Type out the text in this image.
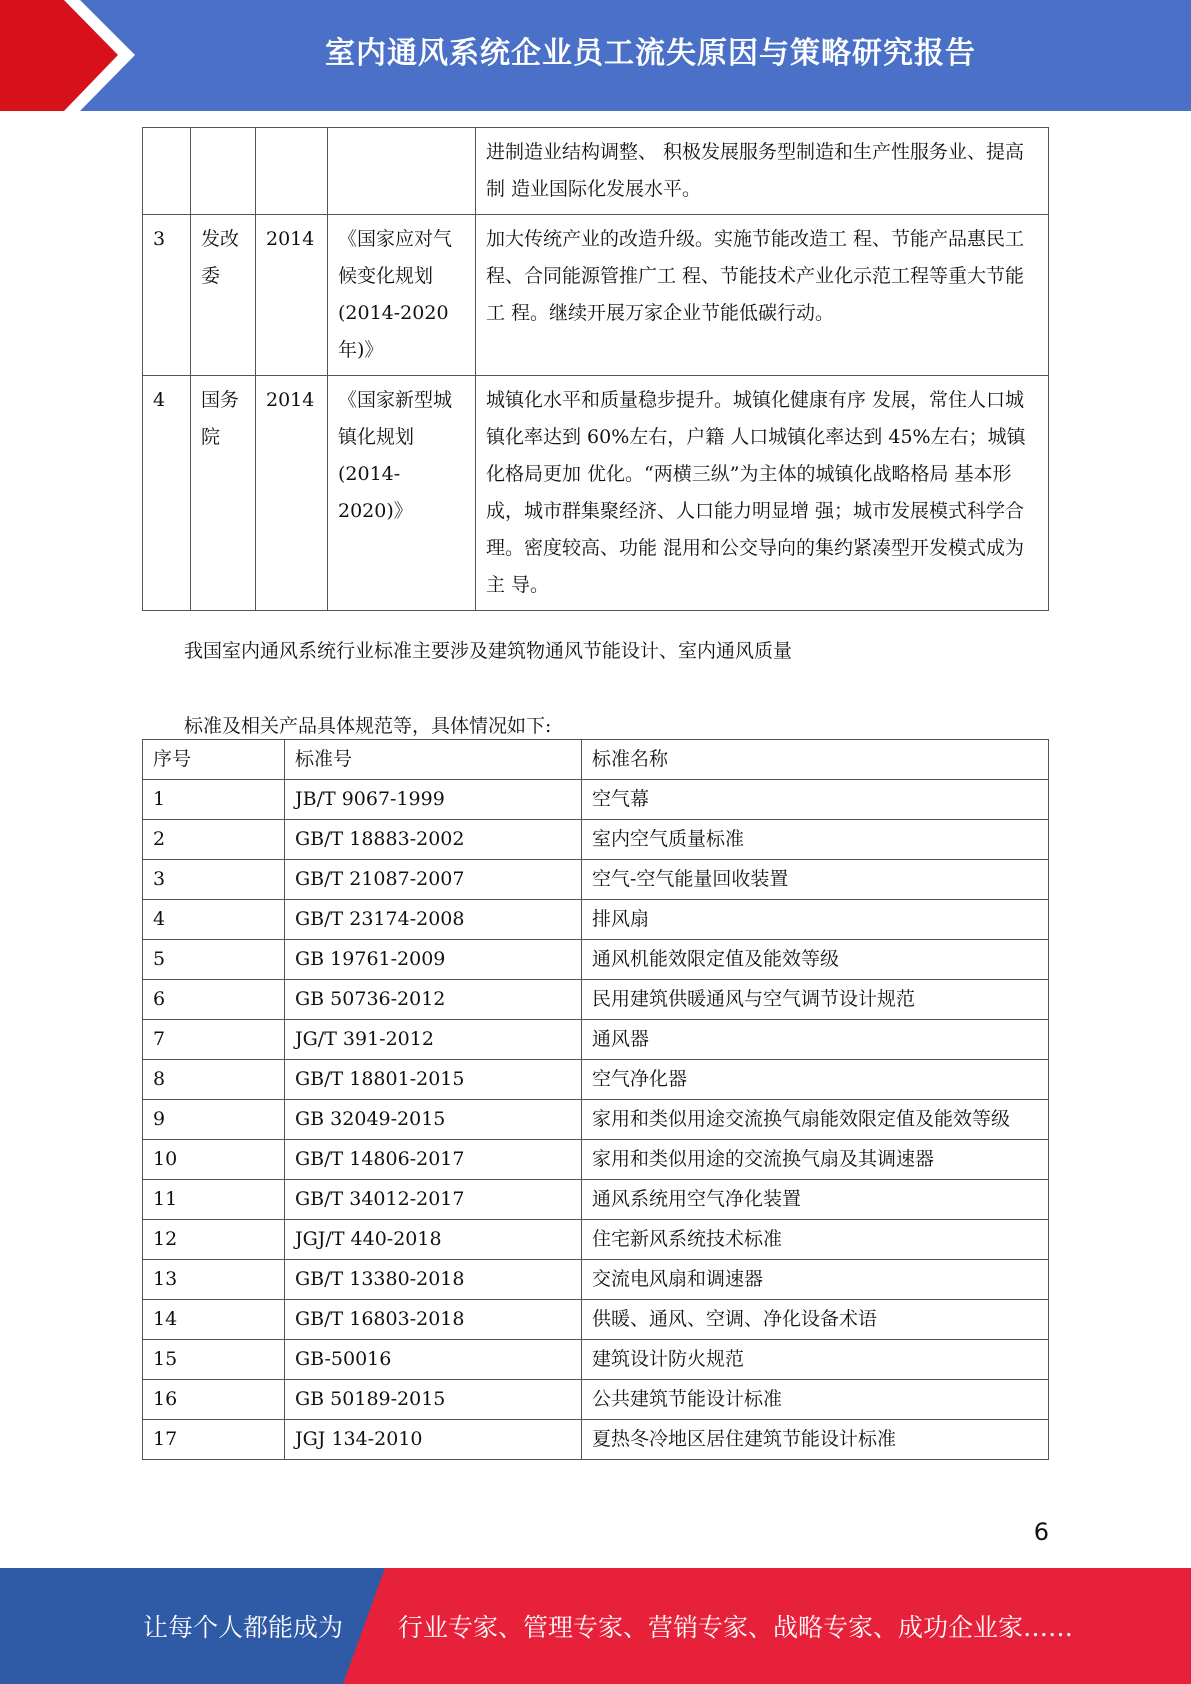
室内通风系统企业员工流失原因与策略研究报告
				进制造业结构调整、 积极发展服务型制造和生产性服务业、提高制 造业国际化发展水平。
3	发改委	2014	《国家应对气候变化规划(2014-2020年)》	加大传统产业的改造升级。实施节能改造工 程、节能产品惠民工程、合同能源管推广工 程、节能技术产业化示范工程等重大节能工 程。继续开展万家企业节能低碳行动。
4	国务院	2014	《国家新型城镇化规划(2014-2020)》	城镇化水平和质量稳步提升。城镇化健康有序 发展，常住人口城镇化率达到 60%左右，户籍 人口城镇化率达到 45%左右；城镇化格局更加 优化。“两横三纵”为主体的城镇化战略格局 基本形成，城市群集聚经济、人口能力明显增 强；城市发展模式科学合理。密度较高、功能 混用和公交导向的集约紧凑型开发模式成为主 导。
我国室内通风系统行业标准主要涉及建筑物通风节能设计、室内通风质量
标准及相关产品具体规范等，具体情况如下:
序号	标准号	标准名称
1	JB/T 9067-1999	空气幕
2	GB/T 18883-2002	室内空气质量标准
3	GB/T 21087-2007	空气-空气能量回收装置
4	GB/T 23174-2008	排风扇
5	GB 19761-2009	通风机能效限定值及能效等级
6	GB 50736-2012	民用建筑供暖通风与空气调节设计规范
7	JG/T 391-2012	通风器
8	GB/T 18801-2015	空气净化器
9	GB 32049-2015	家用和类似用途交流换气扇能效限定值及能效等级
10	GB/T 14806-2017	家用和类似用途的交流换气扇及其调速器
11	GB/T 34012-2017	通风系统用空气净化装置
12	JGJ/T 440-2018	住宅新风系统技术标准
13	GB/T 13380-2018	交流电风扇和调速器
14	GB/T 16803-2018	供暖、通风、空调、净化设备术语
15	GB-50016	建筑设计防火规范
16	GB 50189-2015	公共建筑节能设计标准
17	JGJ 134-2010	夏热冬冷地区居住建筑节能设计标准
6
让每个人都能成为 行业专家、管理专家、营销专家、战略专家、成功企业家……
